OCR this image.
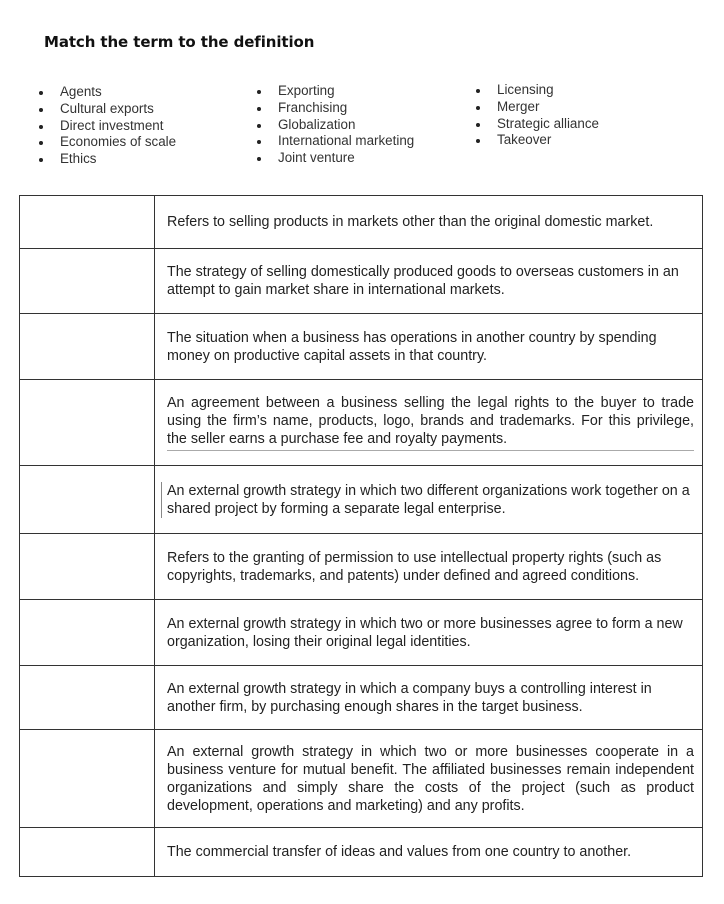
Match the term to the definition
Agents
Cultural exports
Direct investment
Economies of scale
Ethics
Exporting
Franchising
Globalization
International marketing
Joint venture
Licensing
Merger
Strategic alliance
Takeover

	Refers to selling products in markets other than the original domestic market.

	The strategy of selling domestically produced goods to overseas customers in an attempt to gain market share in international markets.

	The situation when a business has operations in another country by spending money on productive capital assets in that country.

	An agreement between a business selling the legal rights to the buyer to trade using the firm’s name, products, logo, brands and trademarks. For this privilege, the seller earns a purchase fee and royalty payments.

	An external growth strategy in which two different organizations work together on a shared project by forming a separate legal enterprise.

	Refers to the granting of permission to use intellectual property rights (such as copyrights, trademarks, and patents) under defined and agreed conditions.

	An external growth strategy in which two or more businesses agree to form a new organization, losing their original legal identities.

	An external growth strategy in which a company buys a controlling interest in another firm, by purchasing enough shares in the target business.

	An external growth strategy in which two or more businesses cooperate in a business venture for mutual benefit. The affiliated businesses remain independent organizations and simply share the costs of the project (such as product development, operations and marketing) and any profits.

	The commercial transfer of ideas and values from one country to another.
